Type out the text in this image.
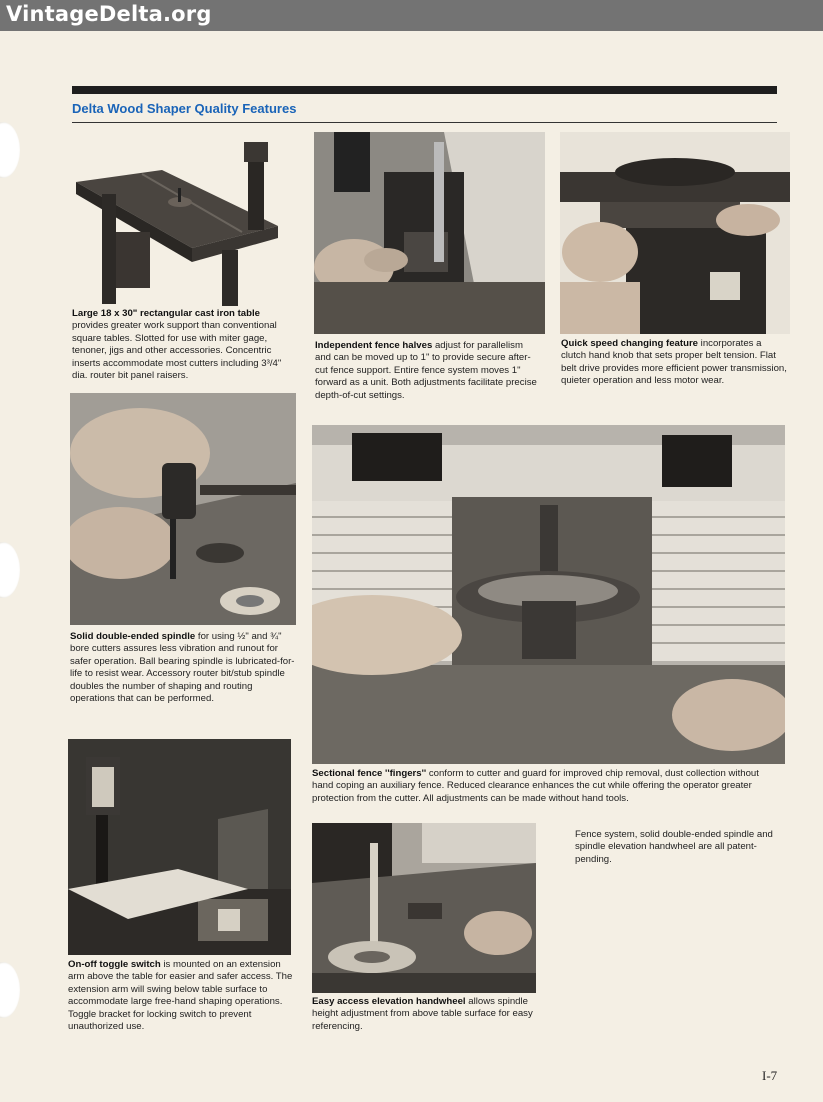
VintageDelta.org
Delta Wood Shaper Quality Features
Large 18 x 30" rectangular cast iron table provides greater work support than conventional square tables. Slotted for use with miter gage, tenoner, jigs and other accessories. Concentric inserts accommodate most cutters including 3³/4" dia. router bit panel raisers.
Independent fence halves adjust for parallelism and can be moved up to 1" to provide secure after-cut fence support. Entire fence system moves 1" forward as a unit. Both adjustments facilitate precise depth-of-cut settings.
Quick speed changing feature incorporates a clutch hand knob that sets proper belt tension. Flat belt drive provides more efficient power transmission, quieter operation and less motor wear.
Solid double-ended spindle for using ½" and ¾" bore cutters assures less vibration and runout for safer operation. Ball bearing spindle is lubricated-for-life to resist wear. Accessory router bit/stub spindle doubles the number of shaping and routing operations that can be performed.
Sectional fence ''fingers'' conform to cutter and guard for improved chip removal, dust collection without hand coping an auxiliary fence. Reduced clearance enhances the cut while offering the operator greater protection from the cutter. All adjustments can be made without hand tools.
On-off toggle switch is mounted on an extension arm above the table for easier and safer access. The extension arm will swing below table surface to accommodate large free-hand shaping operations. Toggle bracket for locking switch to prevent unauthorized use.
Easy access elevation handwheel allows spindle height adjustment from above table surface for easy referencing.
Fence system, solid double-ended spindle and spindle elevation handwheel are all patent-pending.
I-7
